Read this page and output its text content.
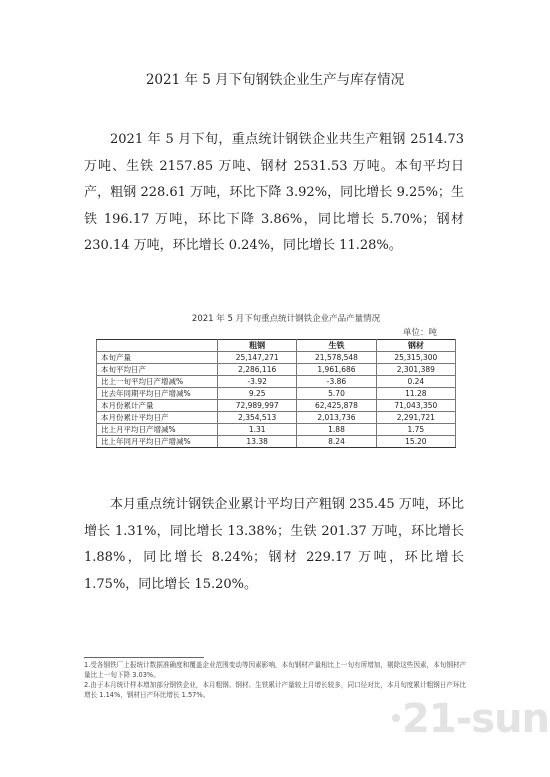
2021 年 5 月下旬钢铁企业生产与库存情况
2021 年 5 月下旬，重点统计钢铁企业共生产粗钢 2514.73 万吨、生铁 2157.85 万吨、钢材 2531.53 万吨。本旬平均日产，粗钢 228.61 万吨，环比下降 3.92%，同比增长 9.25%；生铁 196.17 万吨，环比下降 3.86%，同比增长 5.70%；钢材 230.14 万吨，环比增长 0.24%，同比增长 11.28%。
2021 年 5 月下旬重点统计钢铁企业产品产量情况
单位：吨
	粗钢	生铁	钢材
本旬产量	25,147,271	21,578,548	25,315,300
本旬平均日产	2,286,116	1,961,686	2,301,389
比上一旬平均日产增减%	-3.92	-3.86	0.24
比去年同期平均日产增减%	9.25	5.70	11.28
本月份累计产量	72,989,997	62,425,878	71,043,350
本月份累计平均日产	2,354,513	2,013,736	2,291,721
比上月平均日产增减%	1.31	1.88	1.75
比上年同月平均日产增减%	13.38	8.24	15.20
本月重点统计钢铁企业累计平均日产粗钢 235.45 万吨，环比增长 1.31%，同比增长 13.38%；生铁 201.37 万吨，环比增长 1.88%，同比增长 8.24%；钢材 229.17 万吨，环比增长 1.75%，同比增长 15.20%。
1.受各钢铁厂上报统计数据准确度和覆盖企业范围变动等因素影响，本旬钢材产量相比上一旬有所增加，剔除这些因素，本旬钢材产量比上一旬下降 3.03%。
2.由于本月统计样本增加部分钢铁企业，本月粗钢、钢材、生铁累计产量较上月增长较多，同口径对比，本月旬度累计粗钢日产环比增长 1.14%，钢材日产环比增长 1.57%。
21-sun
